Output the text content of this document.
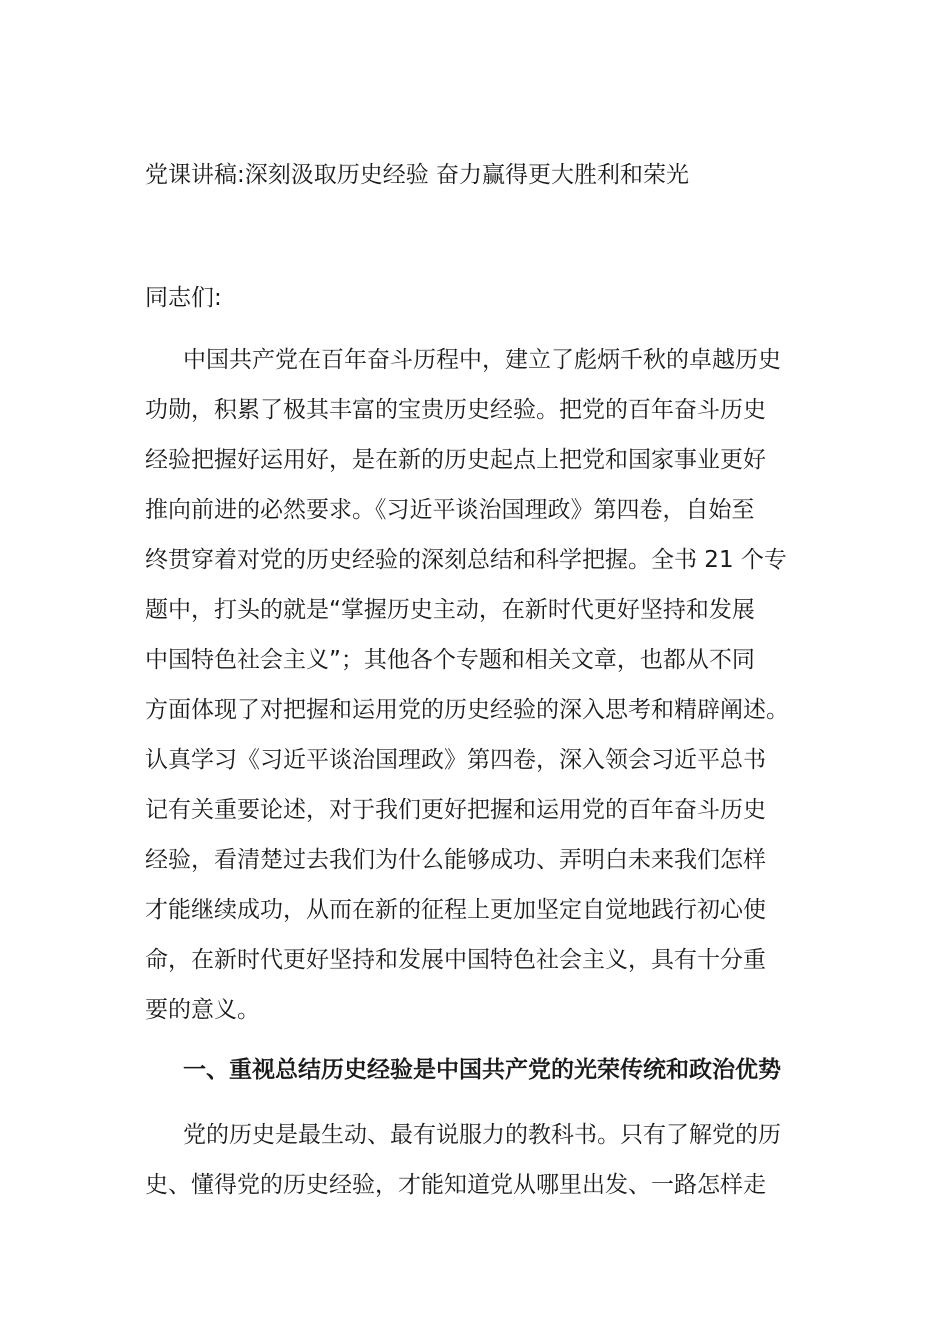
党课讲稿:深刻汲取历史经验 奋力赢得更大胜利和荣光

同志们:

中国共产党在百年奋斗历程中，建立了彪炳千秋的卓越历史
功勋，积累了极其丰富的宝贵历史经验。把党的百年奋斗历史
经验把握好运用好，是在新的历史起点上把党和国家事业更好
推向前进的必然要求。《习近平谈治国理政》第四卷，自始至
终贯穿着对党的历史经验的深刻总结和科学把握。全书 21 个专
题中，打头的就是“掌握历史主动，在新时代更好坚持和发展
中国特色社会主义”；其他各个专题和相关文章，也都从不同
方面体现了对把握和运用党的历史经验的深入思考和精辟阐述。
认真学习《习近平谈治国理政》第四卷，深入领会习近平总书
记有关重要论述，对于我们更好把握和运用党的百年奋斗历史
经验，看清楚过去我们为什么能够成功、弄明白未来我们怎样
才能继续成功，从而在新的征程上更加坚定自觉地践行初心使
命，在新时代更好坚持和发展中国特色社会主义，具有十分重
要的意义。
一、重视总结历史经验是中国共产党的光荣传统和政治优势
党的历史是最生动、最有说服力的教科书。只有了解党的历
史、懂得党的历史经验，才能知道党从哪里出发、一路怎样走
